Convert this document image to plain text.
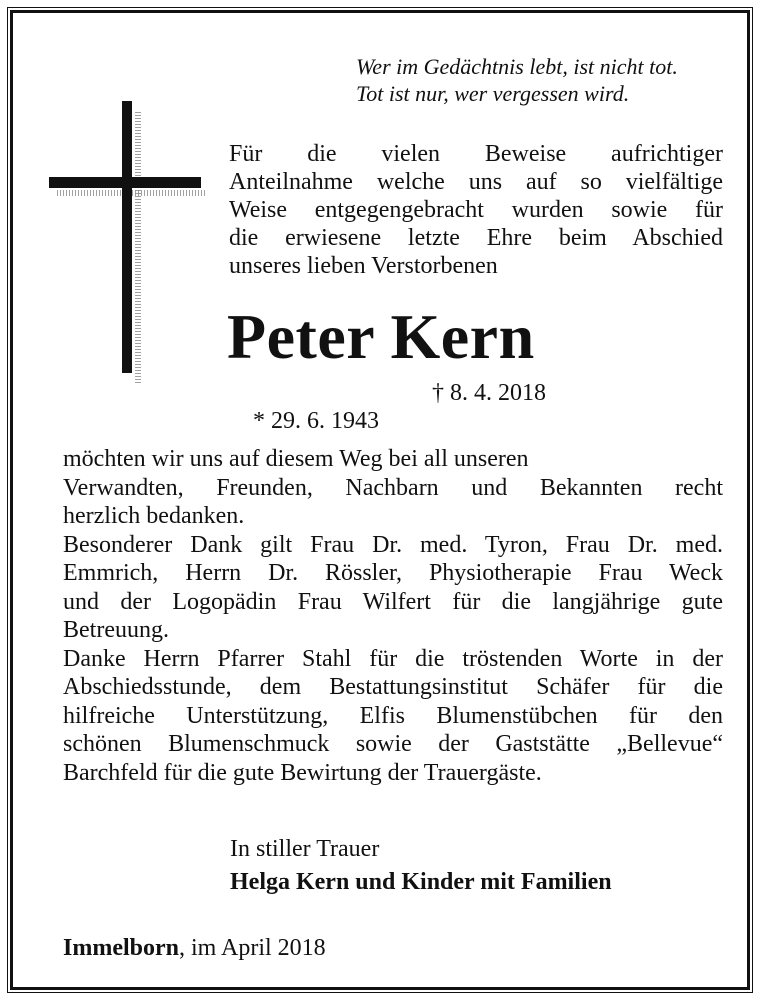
Wer im Gedächtnis lebt, ist nicht tot.
Tot ist nur, wer vergessen wird.
Für die vielen Beweise aufrichtiger
Anteilnahme welche uns auf so vielfältige
Weise entgegengebracht wurden sowie für
die erwiesene letzte Ehre beim Abschied
unseres lieben Verstorbenen
Peter Kern

* 29. 6. 1943

† 8. 4. 2018

möchten wir uns auf diesem Weg bei all unseren
Verwandten, Freunden, Nachbarn und Bekannten recht
herzlich bedanken.
Besonderer Dank gilt Frau Dr. med. Tyron, Frau Dr. med.
Emmrich, Herrn Dr. Rössler, Physiotherapie Frau Weck
und der Logopädin Frau Wilfert für die langjährige gute
Betreuung.
Danke Herrn Pfarrer Stahl für die tröstenden Worte in der
Abschiedsstunde, dem Bestattungsinstitut Schäfer für die
hilfreiche Unterstützung, Elfis Blumenstübchen für den
schönen Blumenschmuck sowie der Gaststätte „Bellevue“
Barchfeld für die gute Bewirtung der Trauergäste.
In stiller Trauer
Helga Kern und Kinder mit Familien
Immelborn, im April 2018
